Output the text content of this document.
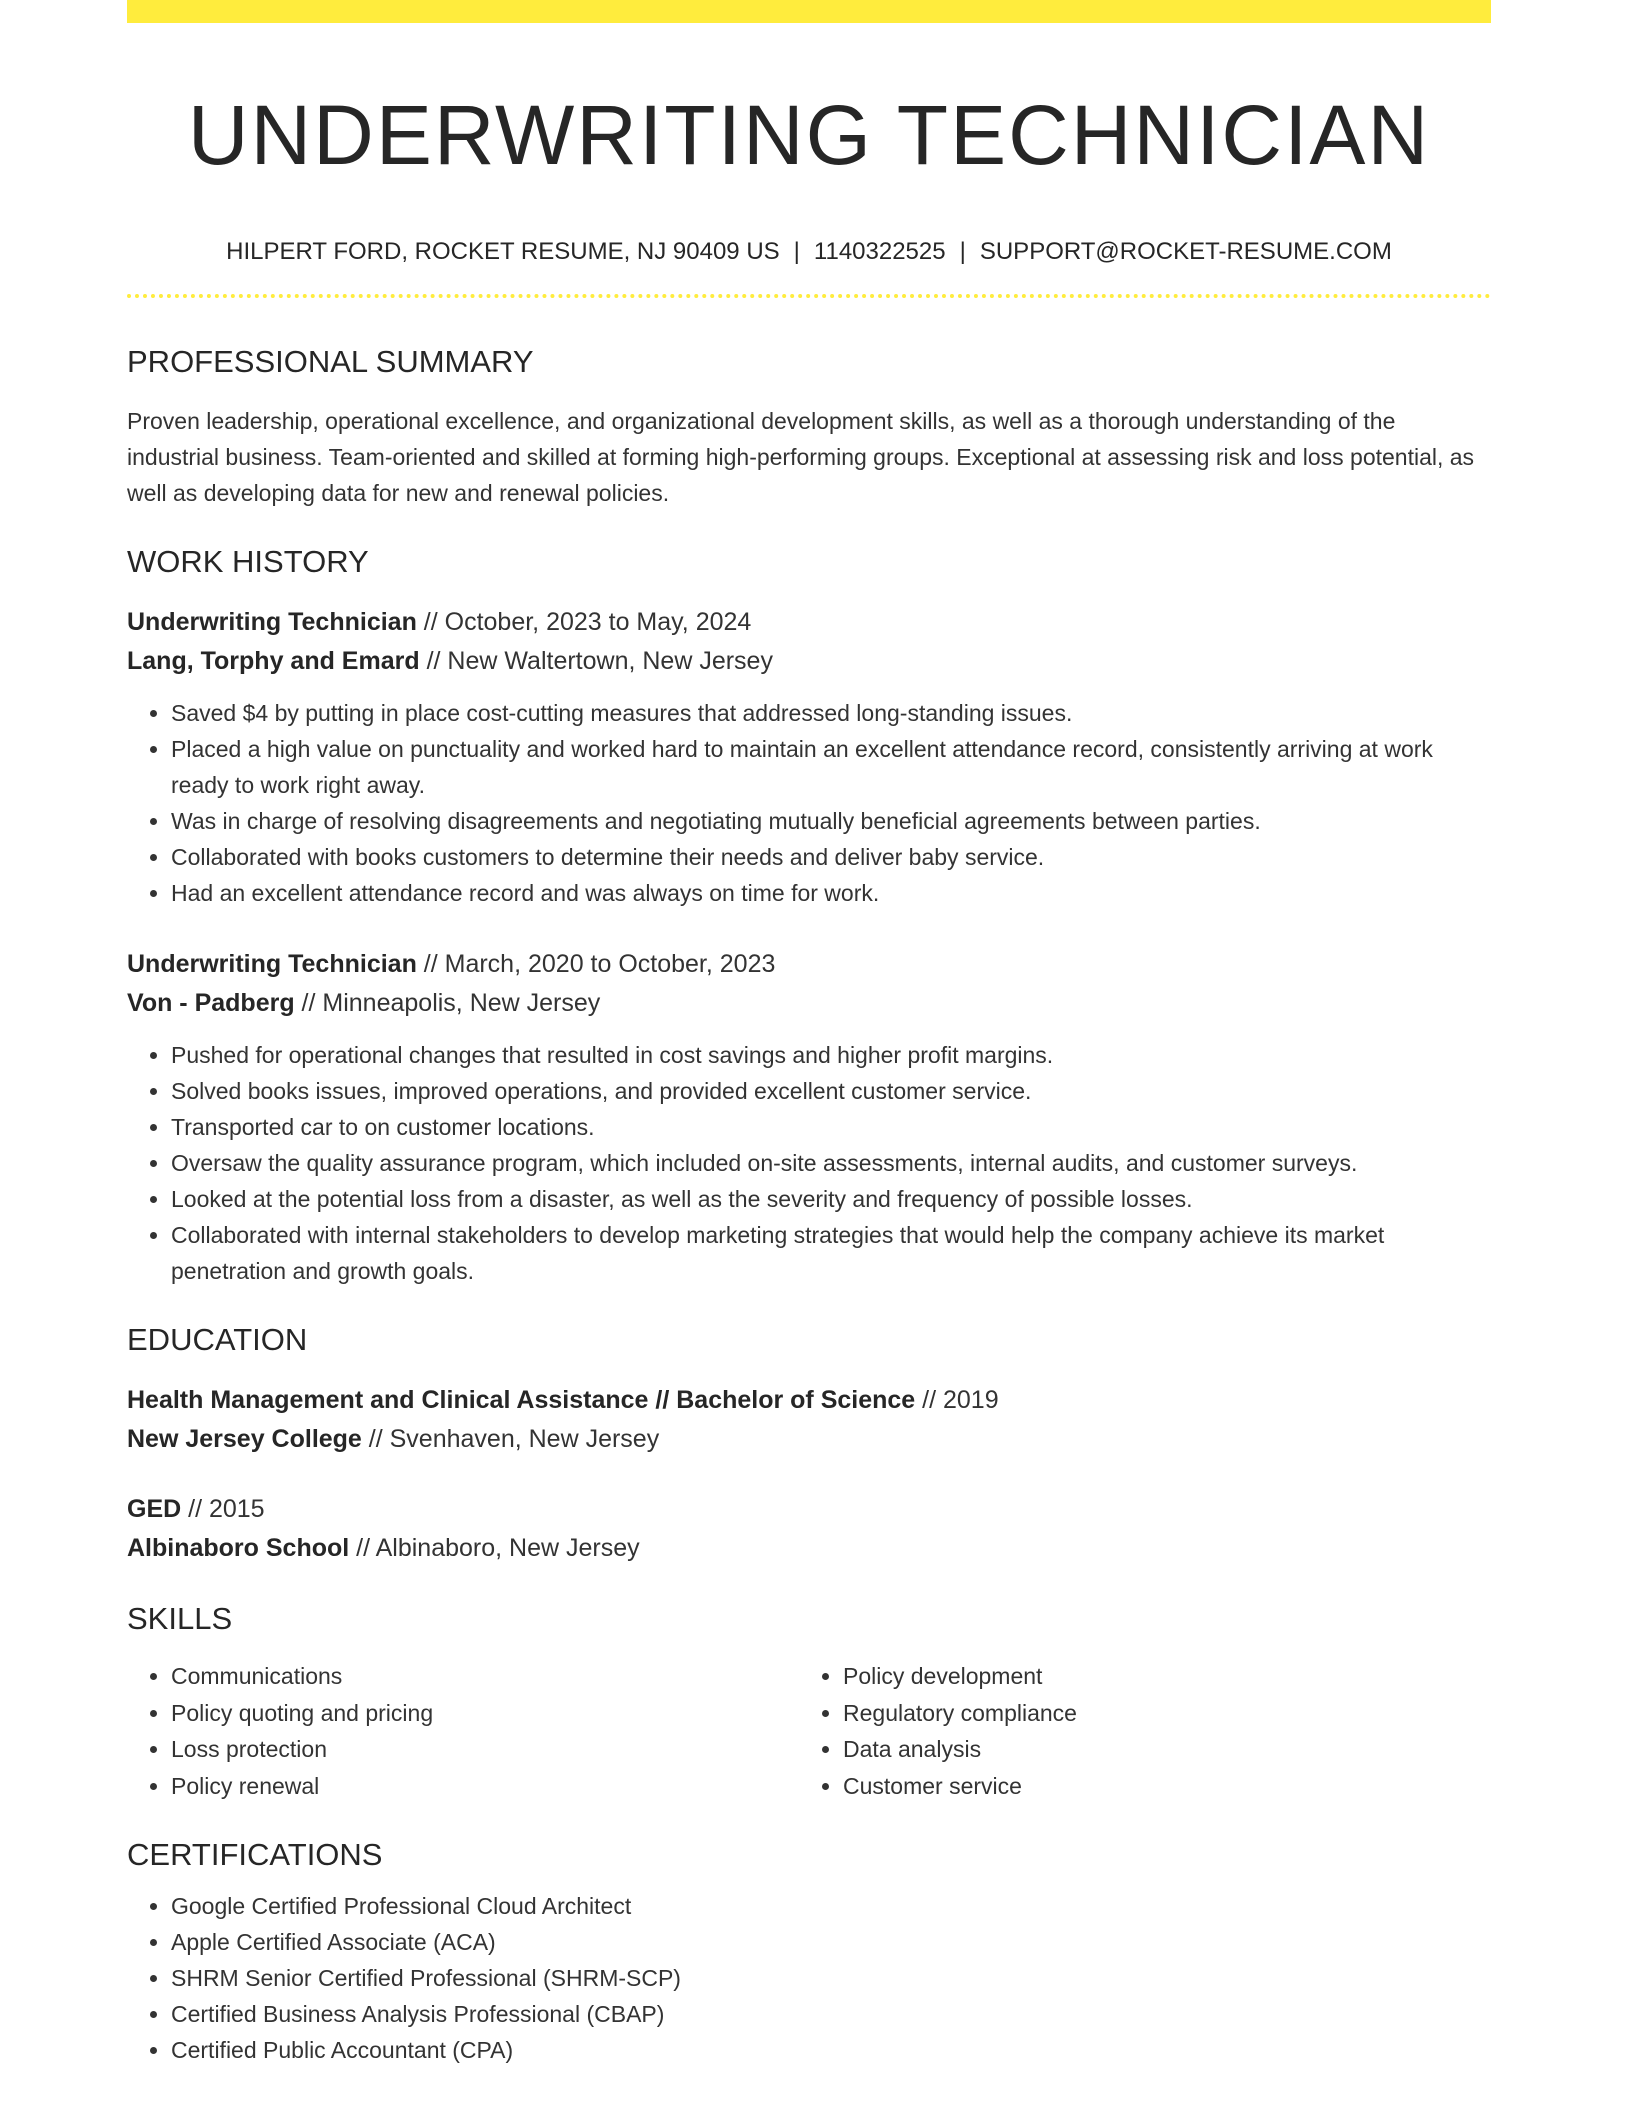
UNDERWRITING TECHNICIAN
HILPERT FORD, ROCKET RESUME, NJ 90409 US | 1140322525 | SUPPORT@ROCKET-RESUME.COM
PROFESSIONAL SUMMARY

Proven leadership, operational excellence, and organizational development skills, as well as a thorough understanding of the industrial business. Team-oriented and skilled at forming high-performing groups. Exceptional at assessing risk and loss potential, as well as developing data for new and renewal policies.

WORK HISTORY
Underwriting Technician // October, 2023 to May, 2024
Lang, Torphy and Emard // New Waltertown, New Jersey
• Saved $4 by putting in place cost-cutting measures that addressed long-standing issues.
• Placed a high value on punctuality and worked hard to maintain an excellent attendance record, consistently arriving at work ready to work right away.
• Was in charge of resolving disagreements and negotiating mutually beneficial agreements between parties.
• Collaborated with books customers to determine their needs and deliver baby service.
• Had an excellent attendance record and was always on time for work.
Underwriting Technician // March, 2020 to October, 2023
Von - Padberg // Minneapolis, New Jersey
• Pushed for operational changes that resulted in cost savings and higher profit margins.
• Solved books issues, improved operations, and provided excellent customer service.
• Transported car to on customer locations.
• Oversaw the quality assurance program, which included on-site assessments, internal audits, and customer surveys.
• Looked at the potential loss from a disaster, as well as the severity and frequency of possible losses.
• Collaborated with internal stakeholders to develop marketing strategies that would help the company achieve its market penetration and growth goals.
EDUCATION
Health Management and Clinical Assistance // Bachelor of Science // 2019
New Jersey College // Svenhaven, New Jersey
GED // 2015
Albinaboro School // Albinaboro, New Jersey
SKILLS
• Communications
• Policy quoting and pricing
• Loss protection
• Policy renewal
• Policy development
• Regulatory compliance
• Data analysis
• Customer service
CERTIFICATIONS
• Google Certified Professional Cloud Architect
• Apple Certified Associate (ACA)
• SHRM Senior Certified Professional (SHRM-SCP)
• Certified Business Analysis Professional (CBAP)
• Certified Public Accountant (CPA)
